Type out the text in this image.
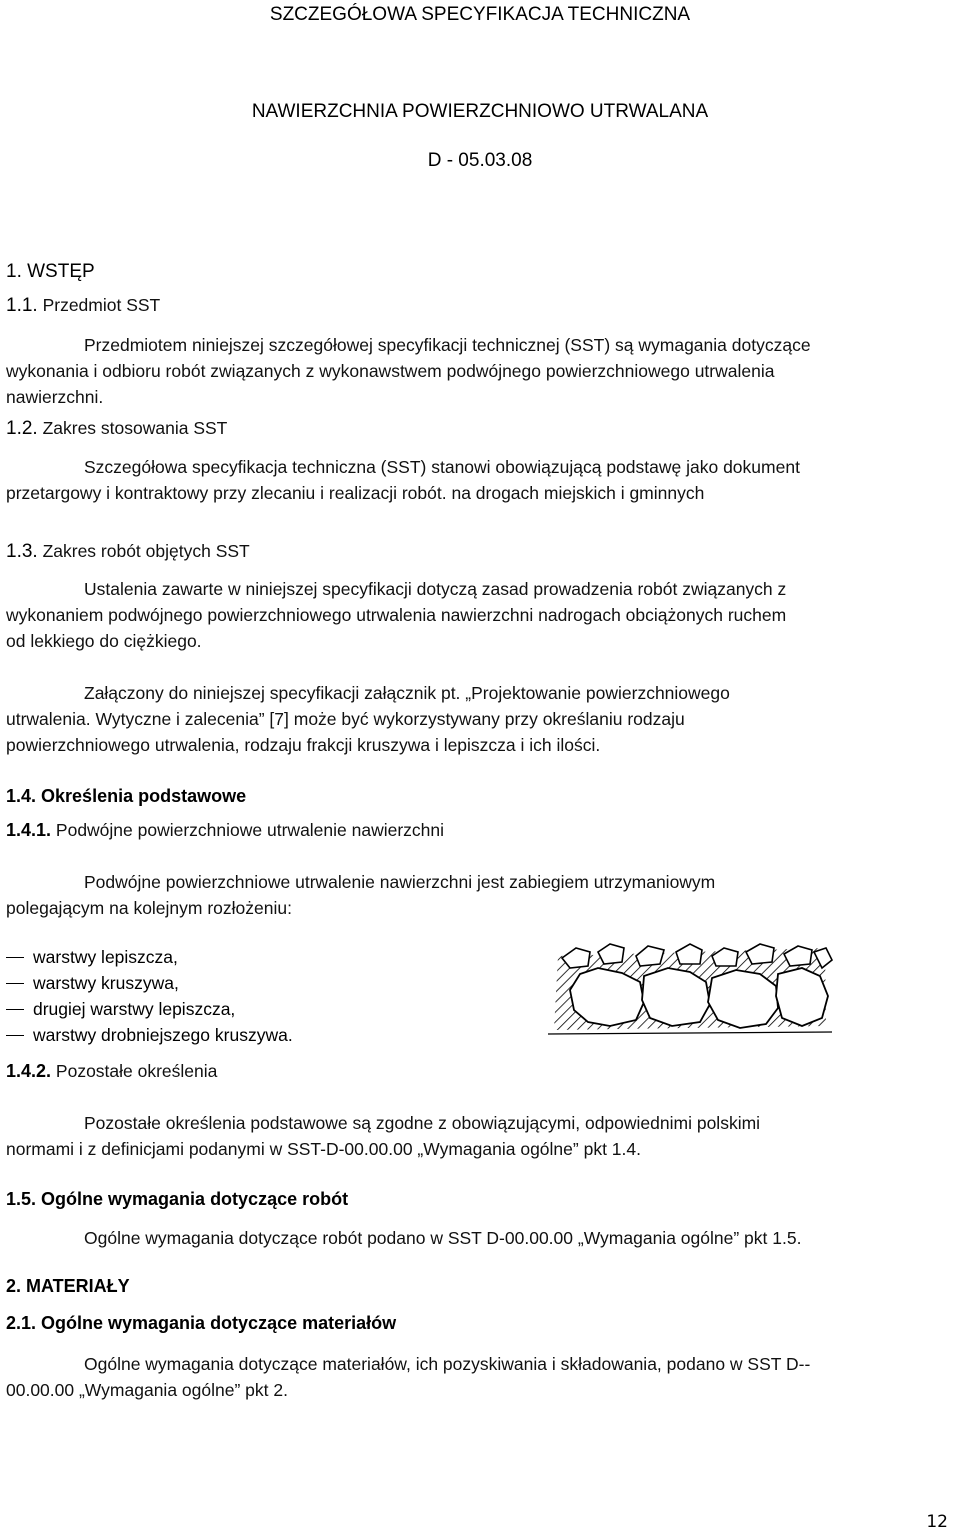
SZCZEGÓŁOWA SPECYFIKACJA TECHNICZNA
NAWIERZCHNIA POWIERZCHNIOWO UTRWALANA
D - 05.03.08
1. WSTĘP
1.1. Przedmiot SST
Przedmiotem niniejszej szczegółowej specyfikacji technicznej (SST) są wymagania dotyczące
wykonania i odbioru robót związanych z wykonawstwem podwójnego powierzchniowego utrwalenia
nawierzchni.
1.2. Zakres stosowania SST
Szczegółowa specyfikacja techniczna (SST) stanowi obowiązującą podstawę jako dokument
przetargowy i kontraktowy przy zlecaniu i realizacji robót. na drogach miejskich i gminnych
1.3. Zakres robót objętych SST
Ustalenia zawarte w niniejszej specyfikacji dotyczą zasad prowadzenia robót związanych z
wykonaniem podwójnego powierzchniowego utrwalenia nawierzchni nadrogach obciążonych ruchem
od lekkiego do ciężkiego.
Załączony do niniejszej specyfikacji załącznik pt. „Projektowanie powierzchniowego
utrwalenia. Wytyczne i zalecenia” [7] może być wykorzystywany przy określaniu rodzaju
powierzchniowego utrwalenia, rodzaju frakcji kruszywa i lepiszcza i ich ilości.
1.4. Określenia podstawowe
1.4.1. Podwójne powierzchniowe utrwalenie nawierzchni
Podwójne powierzchniowe utrwalenie nawierzchni jest zabiegiem utrzymaniowym
polegającym na kolejnym rozłożeniu:
warstwy lepiszcza,
warstwy kruszywa,
drugiej warstwy lepiszcza,
warstwy drobniejszego kruszywa.
1.4.2. Pozostałe określenia
Pozostałe określenia podstawowe są zgodne z obowiązującymi, odpowiednimi polskimi
normami i z definicjami podanymi w SST-D-00.00.00 „Wymagania ogólne” pkt 1.4.
1.5. Ogólne wymagania dotyczące robót
Ogólne wymagania dotyczące robót podano w SST D-00.00.00 „Wymagania ogólne” pkt 1.5.
2. MATERIAŁY
2.1. Ogólne wymagania dotyczące materiałów
Ogólne wymagania dotyczące materiałów, ich pozyskiwania i składowania, podano w SST D--
00.00.00 „Wymagania ogólne” pkt 2.
12
